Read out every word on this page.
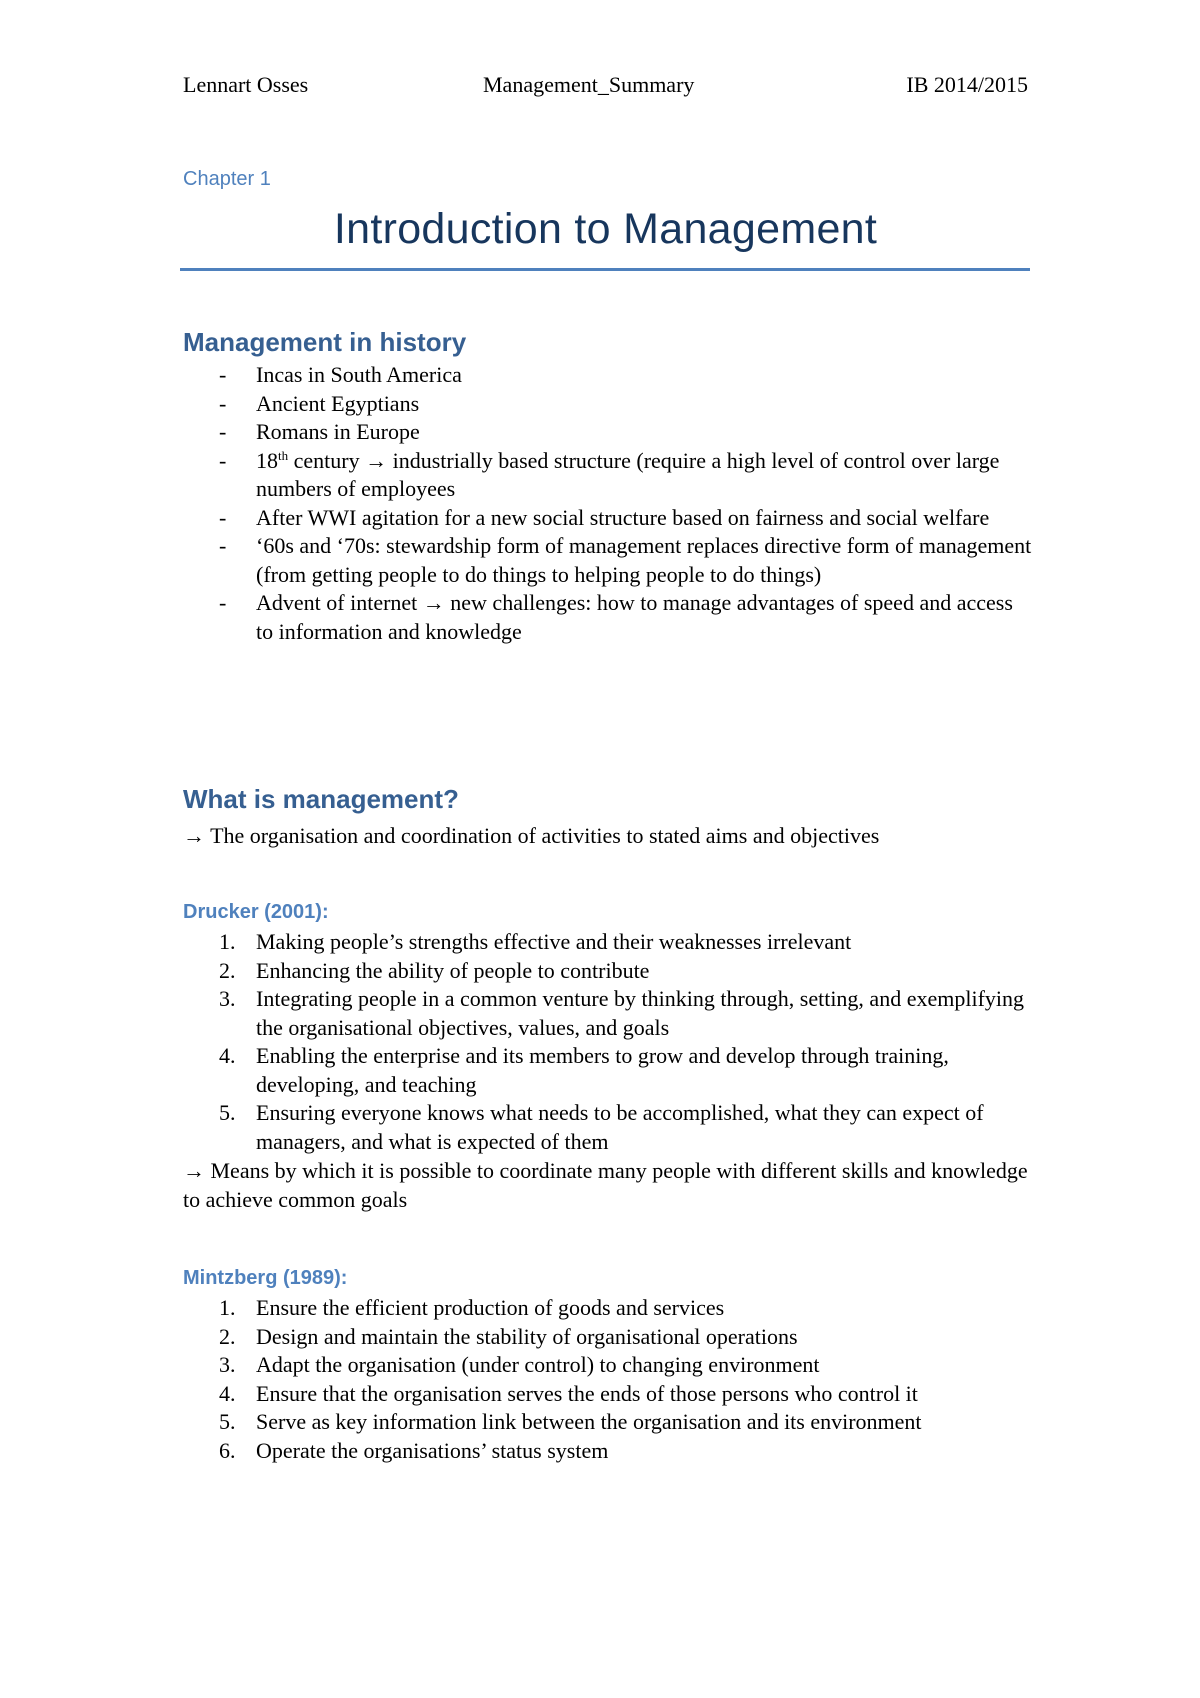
Lennart Osses	Management_Summary	IB 2014/2015
Chapter 1
Introduction to Management
Management in history
-	Incas in South America
-	Ancient Egyptians
-	Romans in Europe
-	18th century → industrially based structure (require a high level of control over large numbers of employees
-	After WWI agitation for a new social structure based on fairness and social welfare
-	‘60s and ‘70s: stewardship form of management replaces directive form of management (from getting people to do things to helping people to do things)
-	Advent of internet → new challenges: how to manage advantages of speed and access to information and knowledge
What is management?
→ The organisation and coordination of activities to stated aims and objectives
Drucker (2001):
1. Making people’s strengths effective and their weaknesses irrelevant
2. Enhancing the ability of people to contribute
3. Integrating people in a common venture by thinking through, setting, and exemplifying the organisational objectives, values, and goals
4. Enabling the enterprise and its members to grow and develop through training, developing, and teaching
5. Ensuring everyone knows what needs to be accomplished, what they can expect of managers, and what is expected of them
→ Means by which it is possible to coordinate many people with different skills and knowledge to achieve common goals
Mintzberg (1989):
1. Ensure the efficient production of goods and services
2. Design and maintain the stability of organisational operations
3. Adapt the organisation (under control) to changing environment
4. Ensure that the organisation serves the ends of those persons who control it
5. Serve as key information link between the organisation and its environment
6. Operate the organisations’ status system
